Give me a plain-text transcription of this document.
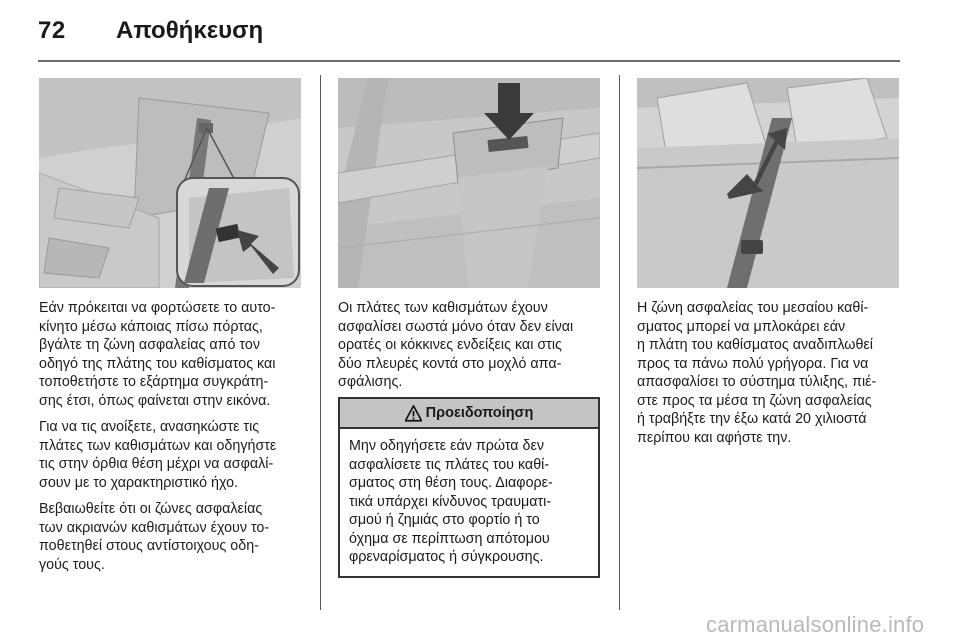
72	Αποθήκευση

Εάν πρόκειται να φορτώσετε το αυτο-
κίνητο μέσω κάποιας πίσω πόρτας,
βγάλτε τη ζώνη ασφαλείας από τον
οδηγό της πλάτης του καθίσματος και
τοποθετήστε το εξάρτημα συγκράτη-
σης έτσι, όπως φαίνεται στην εικόνα.

Για να τις ανοίξετε, ανασηκώστε τις
πλάτες των καθισμάτων και οδηγήστε
τις στην όρθια θέση μέχρι να ασφαλί-
σουν με το χαρακτηριστικό ήχο.

Βεβαιωθείτε ότι οι ζώνες ασφαλείας
των ακριανών καθισμάτων έχουν το-
ποθετηθεί στους αντίστοιχους οδη-
γούς τους.

Οι πλάτες των καθισμάτων έχουν
ασφαλίσει σωστά μόνο όταν δεν είναι
ορατές οι κόκκινες ενδείξεις και στις
δύο πλευρές κοντά στο μοχλό απα-
σφάλισης.

Προειδοποίηση
Μην οδηγήσετε εάν πρώτα δεν
ασφαλίσετε τις πλάτες του καθί-
σματος στη θέση τους. Διαφορε-
τικά υπάρχει κίνδυνος τραυματι-
σμού ή ζημιάς στο φορτίο ή το
όχημα σε περίπτωση απότομου
φρεναρίσματος ή σύγκρουσης.

Η ζώνη ασφαλείας του μεσαίου καθί-
σματος μπορεί να μπλοκάρει εάν
η πλάτη του καθίσματος αναδιπλωθεί
προς τα πάνω πολύ γρήγορα. Για να
απασφαλίσει το σύστημα τύλιξης, πιέ-
στε προς τα μέσα τη ζώνη ασφαλείας
ή τραβήξτε την έξω κατά 20 χιλιοστά
περίπου και αφήστε την.

carmanualsonline.info
